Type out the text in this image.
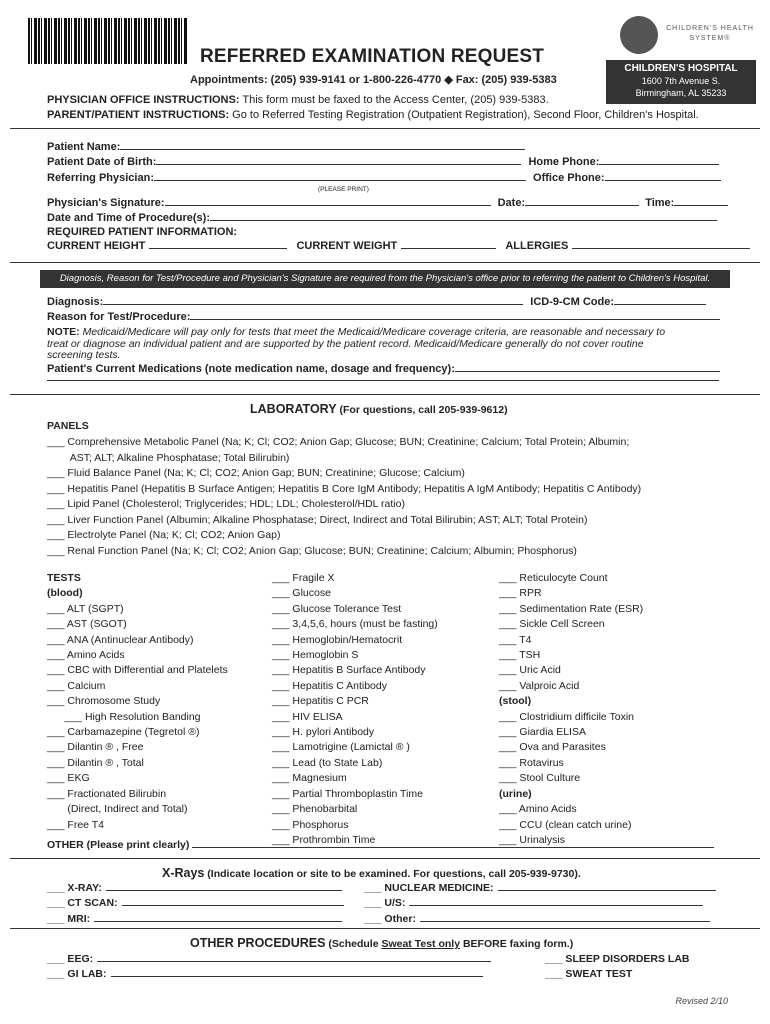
REFERRED EXAMINATION REQUEST
Appointments: (205) 939-9141 or 1-800-226-4770 ◆ Fax: (205) 939-5383
CHILDREN'S HEALTH SYSTEM®
CHILDREN'S HOSPITAL
1600 7th Avenue S.
Birmingham, AL 35233
PHYSICIAN OFFICE INSTRUCTIONS: This form must be faxed to the Access Center, (205) 939-5383.
PARENT/PATIENT INSTRUCTIONS: Go to Referred Testing Registration (Outpatient Registration), Second Floor, Children's Hospital.
Patient Name:
Patient Date of Birth:	Home Phone:
Referring Physician:	Office Phone:
(PLEASE PRINT)
Physician's Signature:	Date:	Time:
Date and Time of Procedure(s):
REQUIRED PATIENT INFORMATION:
CURRENT HEIGHT	CURRENT WEIGHT	ALLERGIES
Diagnosis, Reason for Test/Procedure and Physician's Signature are required from the Physician's office prior to referring the patient to Children's Hospital.
Diagnosis:	ICD-9-CM Code:
Reason for Test/Procedure:
NOTE: Medicaid/Medicare will pay only for tests that meet the Medicaid/Medicare coverage criteria, are reasonable and necessary to
treat or diagnose an individual patient and are supported by the patient record. Medicaid/Medicare generally do not cover routine
screening tests.
Patient's Current Medications (note medication name, dosage and frequency):
LABORATORY (For questions, call 205-939-9612)
PANELS
___ Comprehensive Metabolic Panel (Na; K; Cl; CO2; Anion Gap; Glucose; BUN; Creatinine; Calcium; Total Protein; Albumin;
AST; ALT; Alkaline Phosphatase; Total Bilirubin)
___ Fluid Balance Panel (Na; K; Cl; CO2; Anion Gap; BUN; Creatinine; Glucose; Calcium)
___ Hepatitis Panel (Hepatitis B Surface Antigen; Hepatitis B Core IgM Antibody; Hepatitis A IgM Antibody; Hepatitis C Antibody)
___ Lipid Panel (Cholesterol; Triglycerides; HDL; LDL; Cholesterol/HDL ratio)
___ Liver Function Panel (Albumin; Alkaline Phosphatase; Direct, Indirect and Total Bilirubin; AST; ALT; Total Protein)
___ Electrolyte Panel (Na; K; Cl; CO2; Anion Gap)
___ Renal Function Panel (Na; K; Cl; CO2; Anion Gap; Glucose; BUN; Creatinine; Calcium; Albumin; Phosphorus)
TESTS
(blood)
___ ALT (SGPT)
___ AST (SGOT)
___ ANA (Antinuclear Antibody)
___ Amino Acids
___ CBC with Differential and Platelets
___ Calcium
___ Chromosome Study
___ High Resolution Banding
___ Carbamazepine (Tegretol ®)
___ Dilantin ® , Free
___ Dilantin ® , Total
___ EKG
___ Fractionated Bilirubin
(Direct, Indirect and Total)
___ Free T4
___ Fragile X
___ Glucose
___ Glucose Tolerance Test
___ 3,4,5,6, hours (must be fasting)
___ Hemoglobin/Hematocrit
___ Hemoglobin S
___ Hepatitis B Surface Antibody
___ Hepatitis C Antibody
___ Hepatitis C PCR
___ HIV ELISA
___ H. pylori Antibody
___ Lamotrigine (Lamictal ® )
___ Lead (to State Lab)
___ Magnesium
___ Partial Thromboplastin Time
___ Phenobarbital
___ Phosphorus
___ Prothrombin Time
___ Reticulocyte Count
___ RPR
___ Sedimentation Rate (ESR)
___ Sickle Cell Screen
___ T4
___ TSH
___ Uric Acid
___ Valproic Acid
(stool)
___ Clostridium difficile Toxin
___ Giardia ELISA
___ Ova and Parasites
___ Rotavirus
___ Stool Culture
(urine)
___ Amino Acids
___ CCU (clean catch urine)
___ Urinalysis
OTHER (Please print clearly)
X-Rays (Indicate location or site to be examined. For questions, call 205-939-9730).
___ X-RAY:
___ CT SCAN:
___ MRI:
___ NUCLEAR MEDICINE:
___ U/S:
___ Other:
OTHER PROCEDURES (Schedule Sweat Test only BEFORE faxing form.)
___ EEG:
___ GI LAB:
___ SLEEP DISORDERS LAB
___ SWEAT TEST
Revised 2/10
